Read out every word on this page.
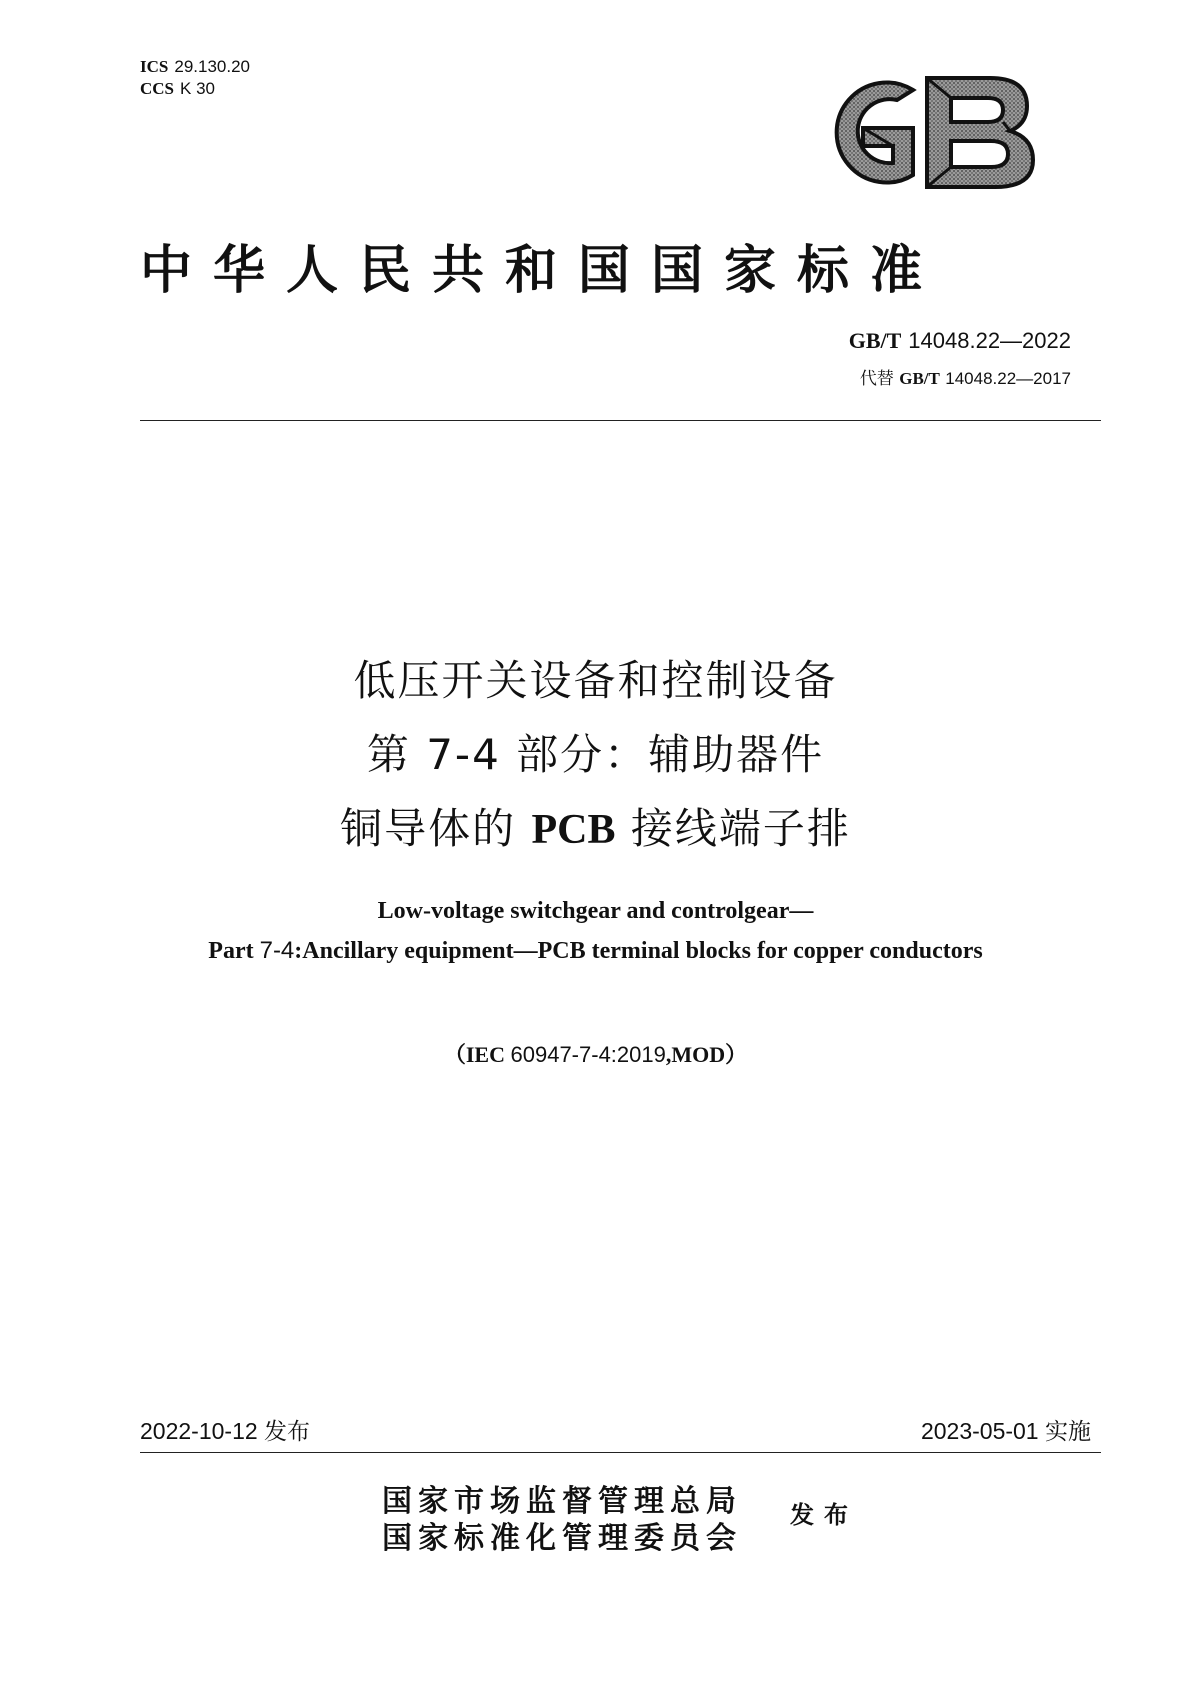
ICS 29.130.20
CCS K 30
中华人民共和国国家标准
GB/T 14048.22—2022
代替 GB/T 14048.22—2017
低压开关设备和控制设备
第 7-4 部分：辅助器件
铜导体的 PCB 接线端子排
Low-voltage switchgear and controlgear—
Part 7-4:Ancillary equipment—PCB terminal blocks for copper conductors
（IEC 60947-7-4:2019,MOD）
2022-10-12 发布	2023-05-01 实施
国家市场监督管理总局
国家标准化管理委员会
发布
